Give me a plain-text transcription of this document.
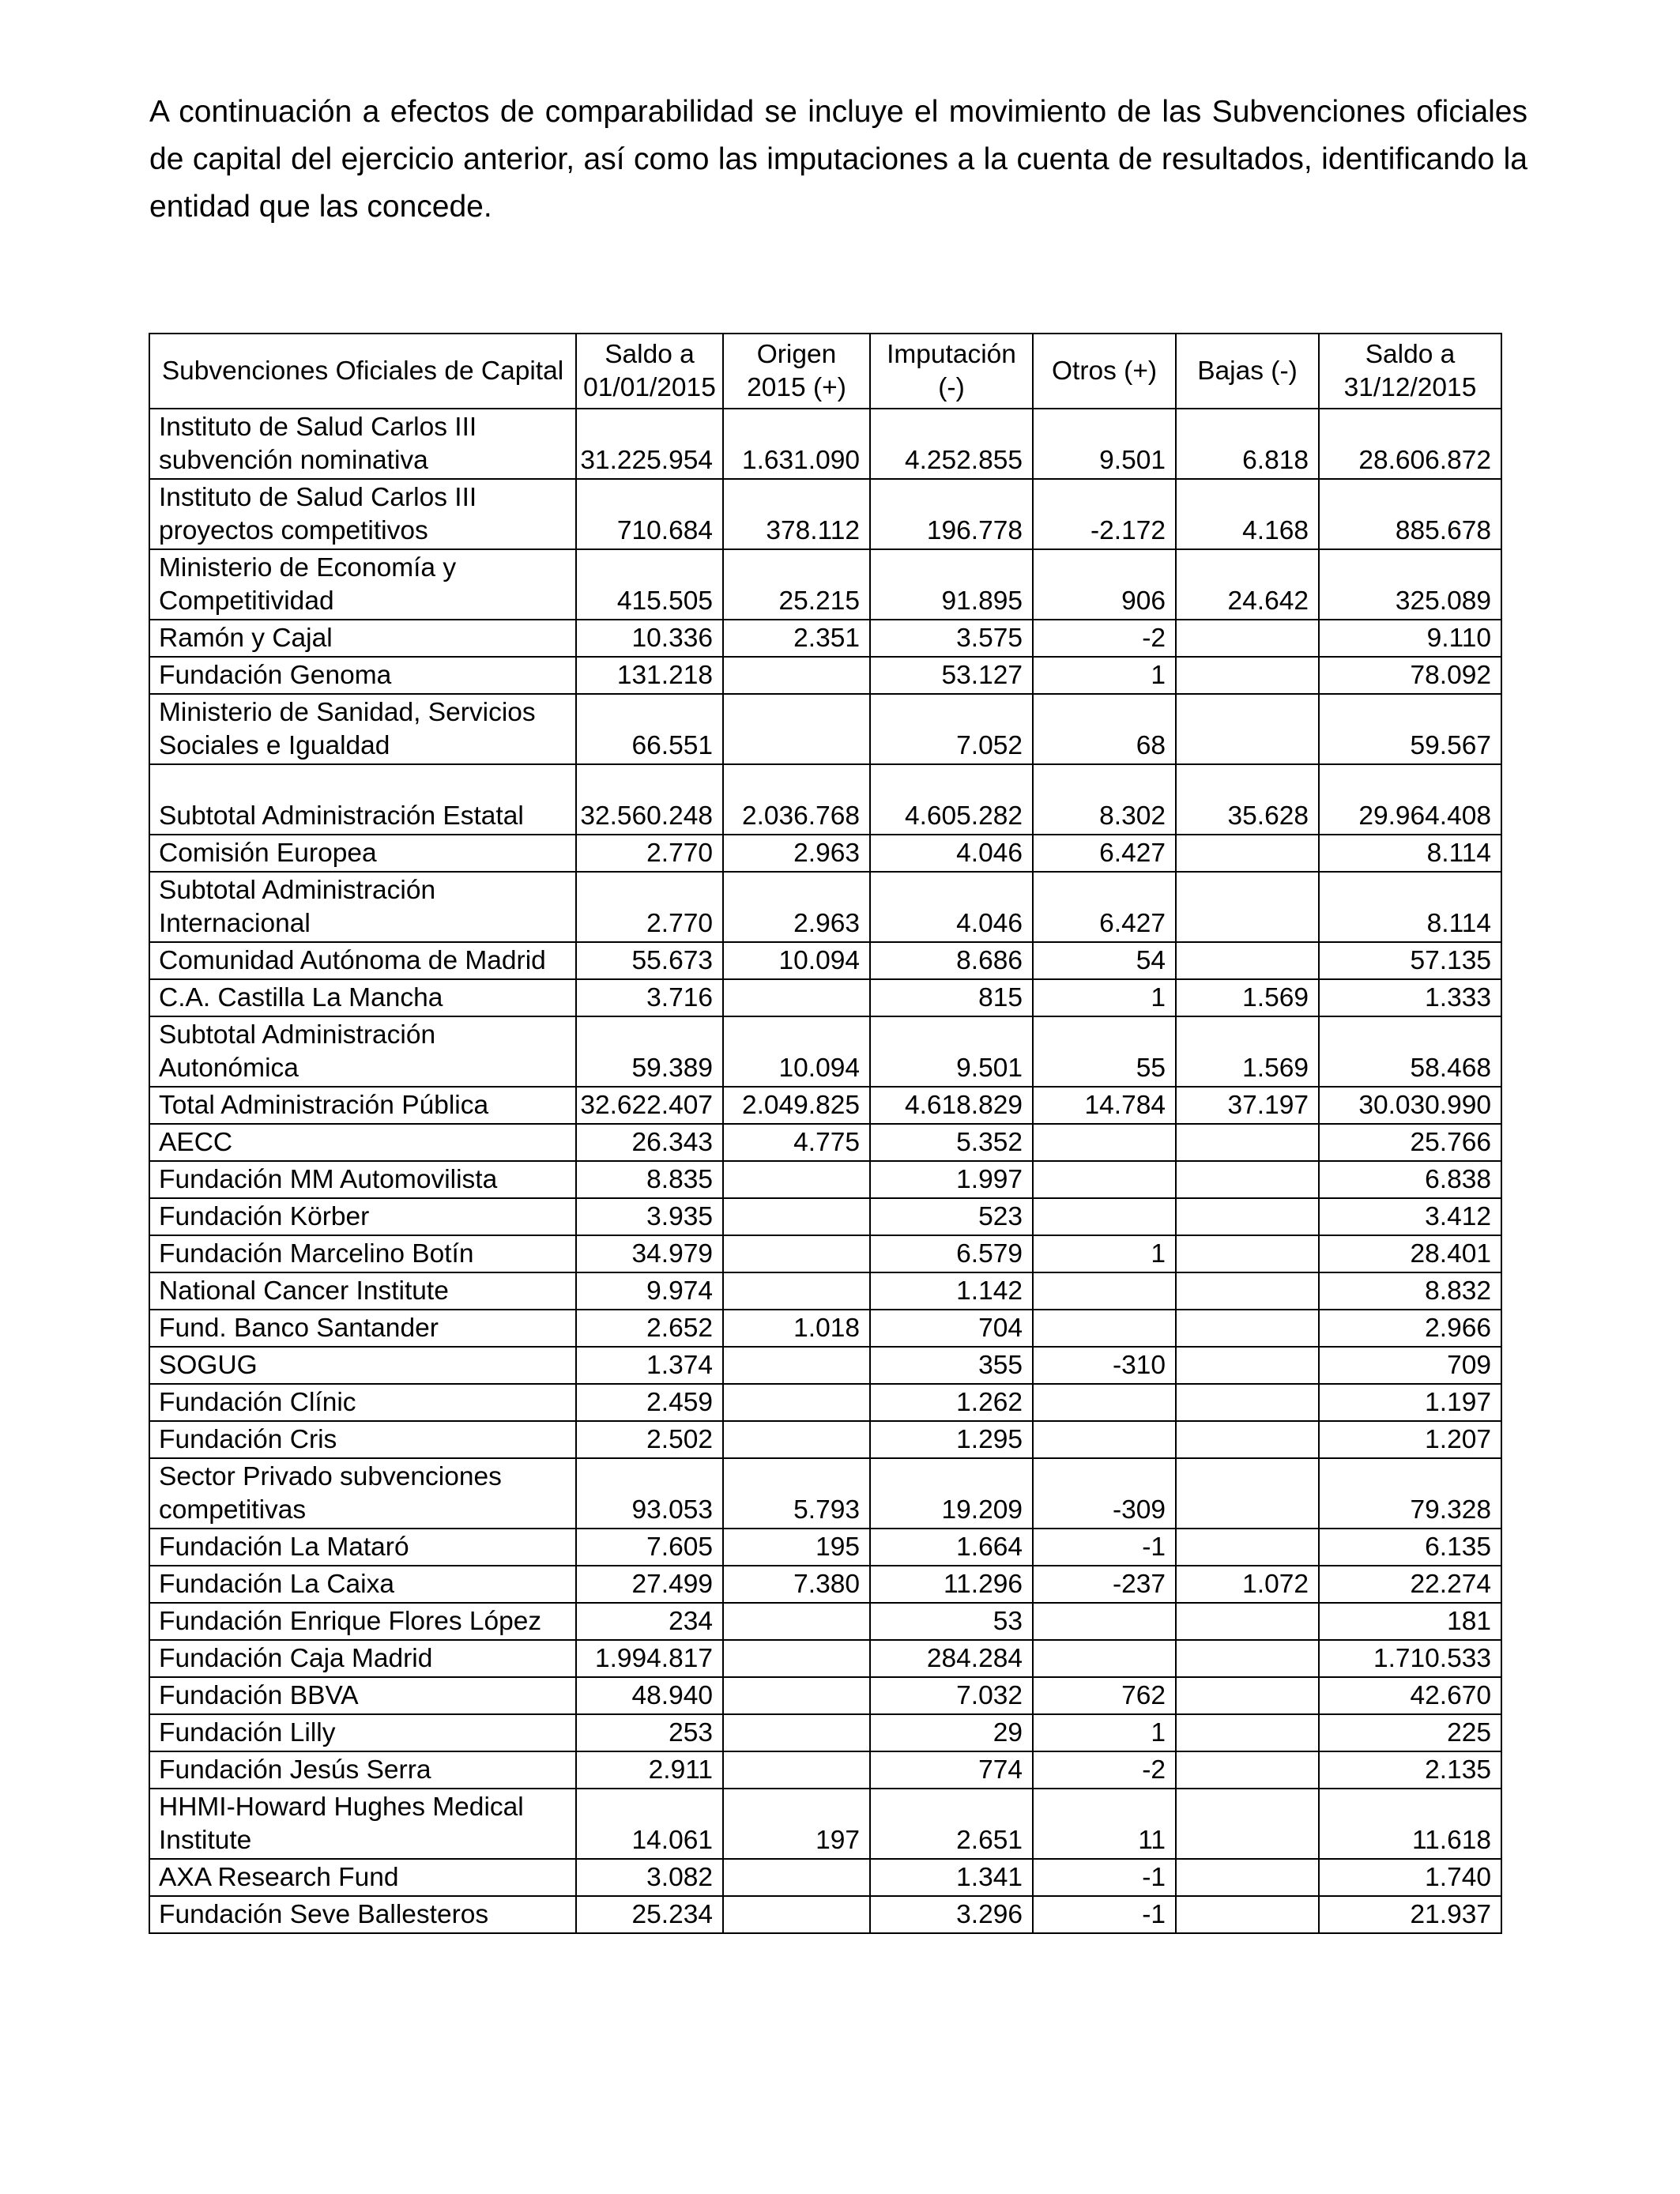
A continuación a efectos de comparabilidad se incluye el movimiento de las Subvenciones oficiales de capital del ejercicio anterior, así como las imputaciones a la cuenta de resultados, identificando la entidad que las concede.

Subvenciones Oficiales de Capital	Saldo a 01/01/2015	Origen 2015 (+)	Imputación (-)	Otros (+)	Bajas (-)	Saldo a 31/12/2015
Instituto de Salud Carlos III subvención nominativa	31.225.954	1.631.090	4.252.855	9.501	6.818	28.606.872
Instituto de Salud Carlos III proyectos competitivos	710.684	378.112	196.778	-2.172	4.168	885.678
Ministerio de Economía y Competitividad	415.505	25.215	91.895	906	24.642	325.089
Ramón y Cajal	10.336	2.351	3.575	-2		9.110
Fundación Genoma	131.218		53.127	1		78.092
Ministerio de Sanidad, Servicios Sociales e Igualdad	66.551		7.052	68		59.567

Subtotal Administración Estatal	32.560.248	2.036.768	4.605.282	8.302	35.628	29.964.408
Comisión Europea	2.770	2.963	4.046	6.427		8.114
Subtotal Administración Internacional	2.770	2.963	4.046	6.427		8.114
Comunidad Autónoma de Madrid	55.673	10.094	8.686	54		57.135
C.A. Castilla La Mancha	3.716		815	1	1.569	1.333
Subtotal Administración Autonómica	59.389	10.094	9.501	55	1.569	58.468
Total Administración Pública	32.622.407	2.049.825	4.618.829	14.784	37.197	30.030.990
AECC	26.343	4.775	5.352			25.766
Fundación MM Automovilista	8.835		1.997			6.838
Fundación Körber	3.935		523			3.412
Fundación Marcelino Botín	34.979		6.579	1		28.401
National Cancer Institute	9.974		1.142			8.832
Fund. Banco Santander	2.652	1.018	704			2.966
SOGUG	1.374		355	-310		709
Fundación Clínic	2.459		1.262			1.197
Fundación Cris	2.502		1.295			1.207
Sector Privado subvenciones competitivas	93.053	5.793	19.209	-309		79.328
Fundación La Mataró	7.605	195	1.664	-1		6.135
Fundación La Caixa	27.499	7.380	11.296	-237	1.072	22.274
Fundación Enrique Flores López	234		53			181
Fundación Caja Madrid	1.994.817		284.284			1.710.533
Fundación BBVA	48.940		7.032	762		42.670
Fundación Lilly	253		29	1		225
Fundación Jesús Serra	2.911		774	-2		2.135
HHMI-Howard Hughes Medical Institute	14.061	197	2.651	11		11.618
AXA Research Fund	3.082		1.341	-1		1.740
Fundación Seve Ballesteros	25.234		3.296	-1		21.937
